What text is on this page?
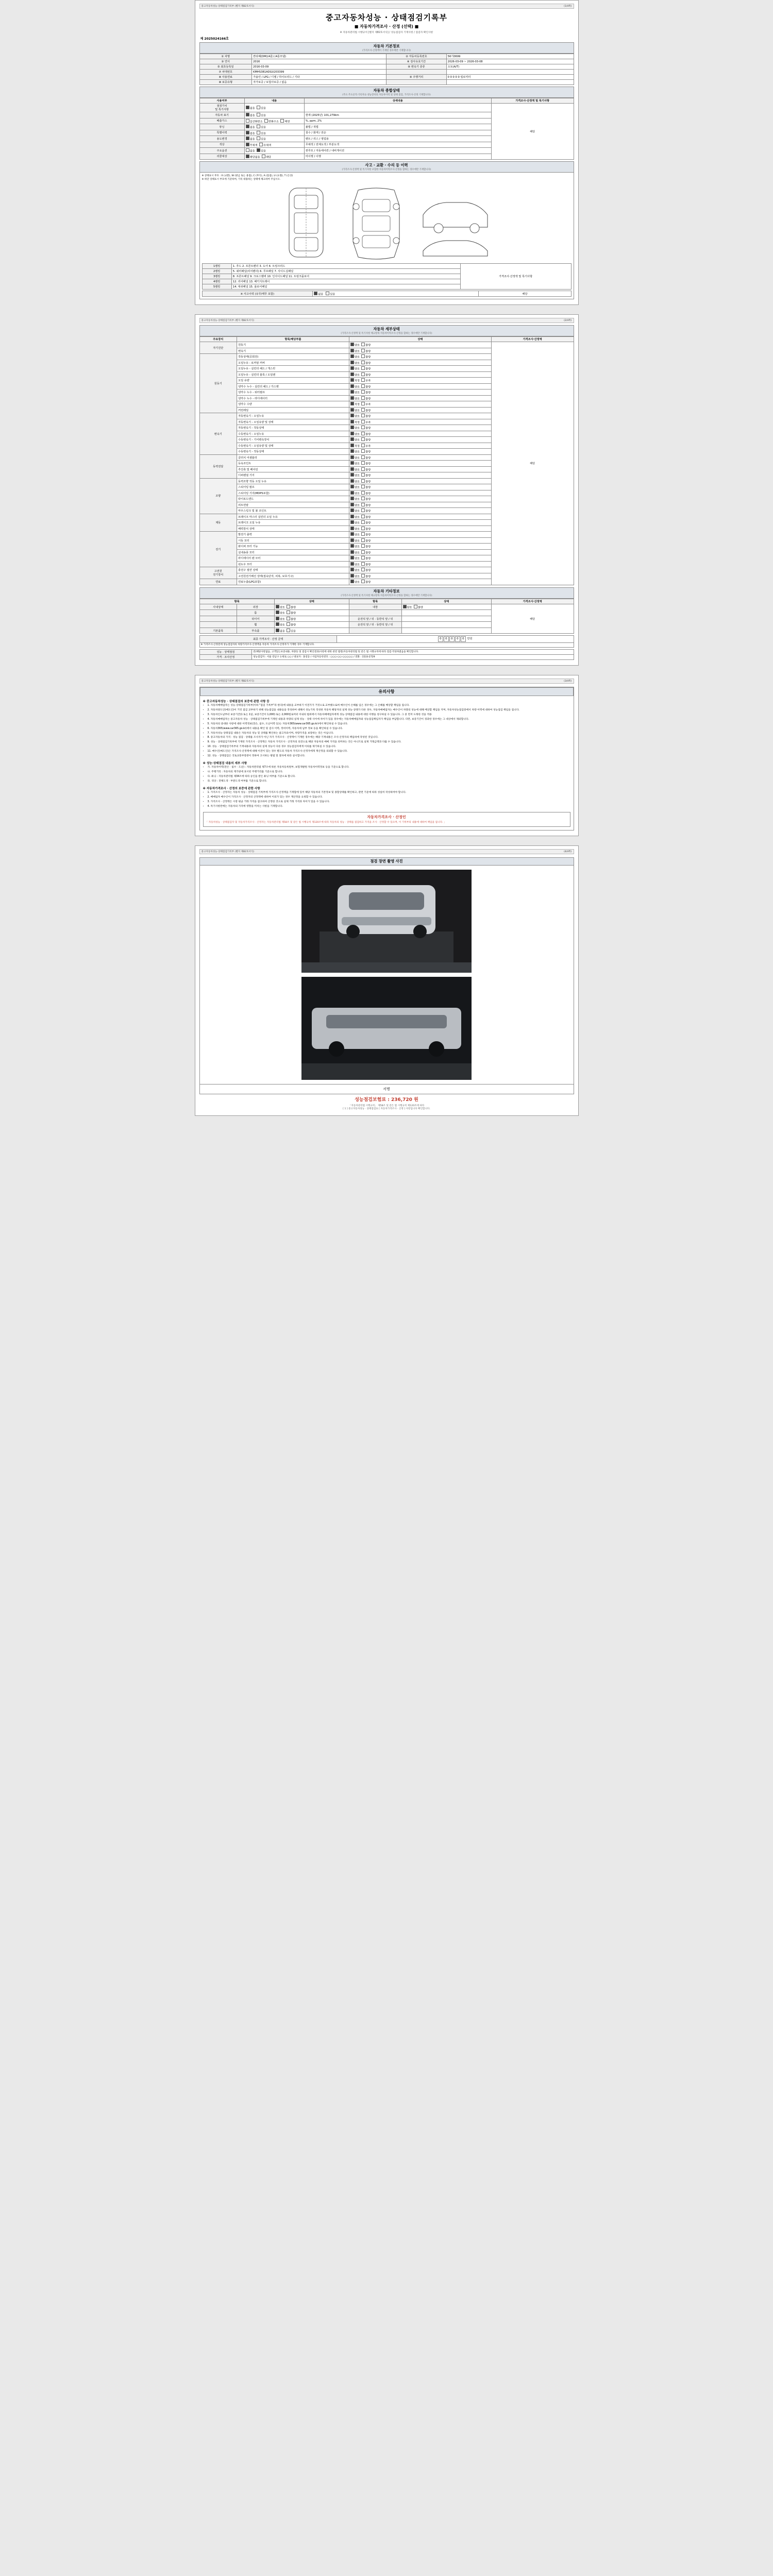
중고자동차성능·상태점검기록부 (별지 제82호서식)	(1/4쪽)
중고자동차성능 · 상태점검기록부
■ 자동차가격조사 · 산정 (선택) ■
※ 자동차관리법 시행규칙 [별지 제82호서식] / 성능점검자 기재사항 / 점검자 확인사항
제 2025024166호
자동차 기본정보
(가격조사·산정액이 기재된 경우에만 기재합니다)
① 차명	싼타페(DM)(4륜) (4륜모델)	② 자동차등록번호	56기0699
③ 연식	2016	④ 검사유효기간	2026-03-09 ~ 2026-03-08
⑤ 최초등록일	2016-03-09	⑥ 변속기 종류	오토(A/T)
⑦ 차대번호	KMHS381ADGU203399		
⑧ 사용연료	가솔린 / LPG / 디젤 / 하이브리드 / 기타	⑨ 주행거리	0 0 0 0 0 킬로미터
⑩ 보증유형	자가보증 / 보험사보증 / 없음		
자동차 종합상태
(주요 주요골격·기록자료·성능장치의 자동차이력 및 상태 점검, 가격조사·산정 기재합니다)
사용여부	내용	상세내용	가격조사·산정액 및 특기사항
점검가치
및 특기사항	없음 있음		해당
자동차 표기	없음 있음	현재 (2025년) 101,279km	
배출가스	일산화탄소 탄화수소 매연	%, ppm, 2%	
튜닝	없음 있음	불법 / 적법	
특별이력	없음 있음	침수 / 화재 / 전손	
용도변경	없음 있음	렌트 / 리스 / 영업용	
색상	무채색 유채색	무채색 / 전체도색 / 부분도색	
주요옵션	없음 있음	썬루프 / 자동에어컨 / 내비게이션	
리콜대상	해당없음 해당	미이행 / 이행	
사고 · 교환 · 수리 등 이력
(가격조사·산정액 및 특기사항 포함한 자동차이력조사·산정을 함하는 경우에만 기재합니다)
※ 상태표시 부호 : X (교환), W (판금 또는 용접), C (부식), A (흠집), U (요철), T (손상)
※ 하단 상태표시 부호에 기준하여, 기록 대용하는 상태에 체크하여 주십시오.
1랭킹	1. 후드 2. 프론트펜더 3. 도어 4. 트렁크리드	가격조사·산정액 및 특기사항
2랭킹	5. 쿼터패널(리어펜더) 6. 루프패널 7. 사이드실패널	
3랭킹	8. 프론트패널 9. 크로스멤버 10. 인사이드패널 11. 트렁크플로어	
4랭킹	12. 리어패널 13. 패키지트레이	
5랭킹	14. 대쉬패널 15. 플로어패널	
※ 사고이력 (유무/태무 포함)	없음 있음	해당
중고자동차성능·상태점검기록부 (별지 제82호서식)	(2/4쪽)
자동차 세부상태
(가격조사·산정액 및 특기사항 체크항목 자동차이력조사·산정을 함하는 경우에만 기재합니다)
주요장치	항목/해당부품	상태	가격조사·산정액
자기진단	원동기	양호 불량	해당
	변속기	양호 불량	
원동기	작동상태(공회전)	양호 불량	
	오일누유 - 로커암 커버	양호 불량	
	오일누유 - 실린더 헤드 / 개스킷	양호 불량	
	오일누유 - 실린더 블록 / 오일팬	양호 불량	
	오일 유량	적정 부족	
	냉각수 누수 - 실린더 헤드 / 가스켓	양호 불량	
	냉각수 누수 - 워터펌프	양호 불량	
	냉각수 누수 - 라디에이터	양호 불량	
	냉각수 수량	적정 부족	
	커먼레일	양호 불량	
변속기	자동변속기 - 오일누유	양호 불량	
	자동변속기 - 오일유량 및 상태	적정 부족	
	자동변속기 - 작동상태	양호 불량	
	수동변속기 - 오일누유	양호 불량	
	수동변속기 - 기어변속장치	양호 불량	
	수동변속기 - 오일유량 및 상태	적정 부족	
	수동변속기 - 작동상태	양호 불량	
동력전달	클러치 어셈블리	양호 불량	
	등속조인트	양호 불량	
	추진축 및 베어링	양호 불량	
	디퍼렌셜 기어	양호 불량	
조향	동력조향 작동 오일 누유	양호 불량	
	스티어링 펌프	양호 불량	
	스티어링 기어(MDPS포함)	양호 불량	
	타이로드엔드	양호 불량	
	피트먼암	양호 불량	
	마우스링크 및 볼 조인트	양호 불량	
제동	브레이크 마스터 실린더 오일 누유	양호 불량	
	브레이크 오일 누유	양호 불량	
	배력장치 상태	양호 불량	
전기	발전기 출력	양호 불량	
	시동 모터	양호 불량	
	와이퍼 모터 기능	양호 불량	
	실내송풍 모터	양호 불량	
	라디에이터 팬 모터	양호 불량	
	윈도우 모터	양호 불량	
고전원
전기장치	충전구 절연 상태	양호 불량	
	고전원전기배선 상태(접속단자, 피복, 보호기구)	양호 불량	
연료	연료누출(LPG포함)	양호 불량	
자동차 기타정보
(가격조사·산정액 및 특기사항 체크항목 자동차이력조사·산정을 함하는 경우에만 기재합니다)
항목		상태	항목	상태	가격조사·산정액
사내상태	외장	양호 불량	내장	양호 불량	해당
	룸	양호 불량			
	타이어	양호 불량	운전석 앞 / 뒤 · 동반석 앞 / 뒤		
	휠	양호 불량	운전석 앞 / 뒤 · 동반석 앞 / 뒤		
기본품목	부속품	없음 있음			
최종 가격조사 · 산정 금액	0 0 0 0 0 만원
※ 가격조사·산정전에 성능점검자의 차량가격조사·산정액을 자동차 가격조사·산정자가 기재한 경우 기재합니다.
성능 · 상태점검	전(해당사항없음, 고객있는보증내용, 차량등 및 점검시 확인결과)사항에 대한 관련 법령(자동차관리법 및 같은 법 시행규칙에 따라 점검·작성하였음을 확인합니다.
가격 · 조사산정	성능점검자 : 서울 강남구 논현로 ○○ / 대표자 : 홍길동 / 사업자등록번호 : ○○○-○○-○○○○○ / 전화 : 1533-2729
중고자동차성능·상태점검기록부 (별지 제82호서식)	(3/4쪽)
유의사항
※ 중고자동차성능 · 상태점검의 보증에 관한 사항 등
• 1. 자동차매매업자는 성능·상태점검기록부(이하 "점검 기록부"라 한다)에 내용을 교부하기 이전가가 거짓으로 교부했으로써 매수인이 손해를 입은 경우에는 그 손해를 배상할 책임을 집니다.
• 2. 자동차양도인(매도인)이 거짓 점검 교부하기 위해 성능점검을 내용들을 작성하여 대해서 성능기록 작성한 자동차 해당자의 실제 성능·상태가 다른 경우, 자동차매매업자는 매수인이 차량의 성능에 대해 배상할 책임을 지며, 자동차성능점검장에서 차량 이력에 대하여 성능점검 책임을 집니다.
• 3. 자동차인도날부터 보증기간(1 또는 1일, 보증기간이 1,000) 또는 2,000킬로미터 이내의 범위에서 자동차매매업자에게 성능·상태점검 내용에 대한 이행을 청구하실 수 있습니다. 그 중 먼저 도래한 것을 적용
• 4. 자동차매매업자는 중고자동차 성능 · 상태점검기록부에 기재된 내용과 차량의 실제 성능 · 상태 사이에 차이가 있을 경우에는 자동차매매업자와 성능점검책임자가 책임을 부담합니다. 다만, 보증기간이 경과한 경우에는 그 대상에서 제외합니다.
• 5. 자동차의 중대한 사항에 대한 이력정보(전손, 침수, 도난이력 등)는 자동차365(www.car365.go.kr)에서 확인하실 수 있습니다.
• 6. 자동차365(www.car365.go.kr)에서 내용을 확인 및 검사 이력, 정비이력, 자동차세 납부 정보 등을 확인하실 수 있습니다.
• 7. 자동차성능·상태점검 내용은 자동차의 성능 및 상태를 확인하는 참고자료이며, 차량가격을 보장하는 것은 아닙니다.
• 8. 중고자동차의 가격 · 성능 점검 · 상태를 조사자가 아닌 자가 가격조사 · 산정액이 기재된 경우에는 해당 기재내용은 조사·산정자의 책임하에 작성된 것입니다.
• 9. 성능 · 상태점검기록부에 기재된 가격조사 · 산정액은 자동차 가격조사 · 산정자의 의견으로 해당 자동차의 매매 가격을 의미하는 것은 아니므로 실제 거래금액과 다를 수 있습니다.
• 10. 성능 · 상태점검기록부의 기재내용과 자동차의 실제 성능이 다른 경우 성능점검자에게 이의를 제기하실 수 있습니다.
• 11. 매수인(매도인)은 가격조사·산정액에 대해 이견이 있는 경우 별도의 자동차 가격조사·산정자에게 재산정을 의뢰할 수 있습니다.
• 12. 성능 · 상태점검은 국토교통부장관이 정하여 고시하는 방법 및 절차에 따라 실시합니다.
※ 성능·상태점검 내용의 세부 사항
• 가. 자동차이력(전손 · 침수 · 도난) : 자동차관리법 제7조에 따른 자동차등록원부, 보험개발원 자동차이력정보 등을 기준으로 합니다.
• 나. 주행거리 : 자동차의 계기판에 표시된 주행거리를 기준으로 합니다.
• 다. 튜닝 : 자동차관리법 제34조에 따라 승인을 받은 튜닝 여부를 기준으로 합니다.
• 라. 색상 : 전체도색 · 부분도색 여부를 기준으로 합니다.
※ 자동차가격조사 · 산정의 보증에 관한 사항
• 1. 가격조사 · 산정자는 자동차 성능 · 상태점검 기록부에 가격조사·산정액을 기재함에 있어 해당 자동차의 기본정보 및 종합상태를 확인하고, 관련 기준에 따라 성실히 작성하여야 합니다.
• 2. 매매업자 매수인이 가격조사 · 산정자의 산정액에 대하여 이의가 있는 경우 재산정을 요청할 수 있습니다.
• 3. 가격조사 · 산정액은 시장 평균 거래 가격을 참고하여 산정한 것으로 실제 거래 가격과 차이가 있을 수 있습니다.
• 4. 특기사항란에는 자동차의 가격에 영향을 미치는 사항을 기재합니다.
자동차가격조사 · 산정인
「 자동차성능 · 상태점검자 및 자동차가격조사 · 산정자는 자동차관리법 제58조 및 같은 법 시행규칙 제120조에 따라 자동차의 성능 · 상태를 점검하고 가격을 조사 · 산정할 수 있으며, 이 기록부의 내용에 대하여 책임을 집니다. 」
중고자동차성능·상태점검기록부 (별지 제82호서식)	(4/4쪽)
점검 장면 촬영 사진
서명
성능점검보험료 : 236,720 원
「자동차관리법 시행규칙」 제58조 및 같은 법 시행규칙 제120조에 따라
[ 1 ] 중고자동차성능 · 상태점검표 [ 자동차가격조사 · 산정 ] 사항입니다 확인합니다.
